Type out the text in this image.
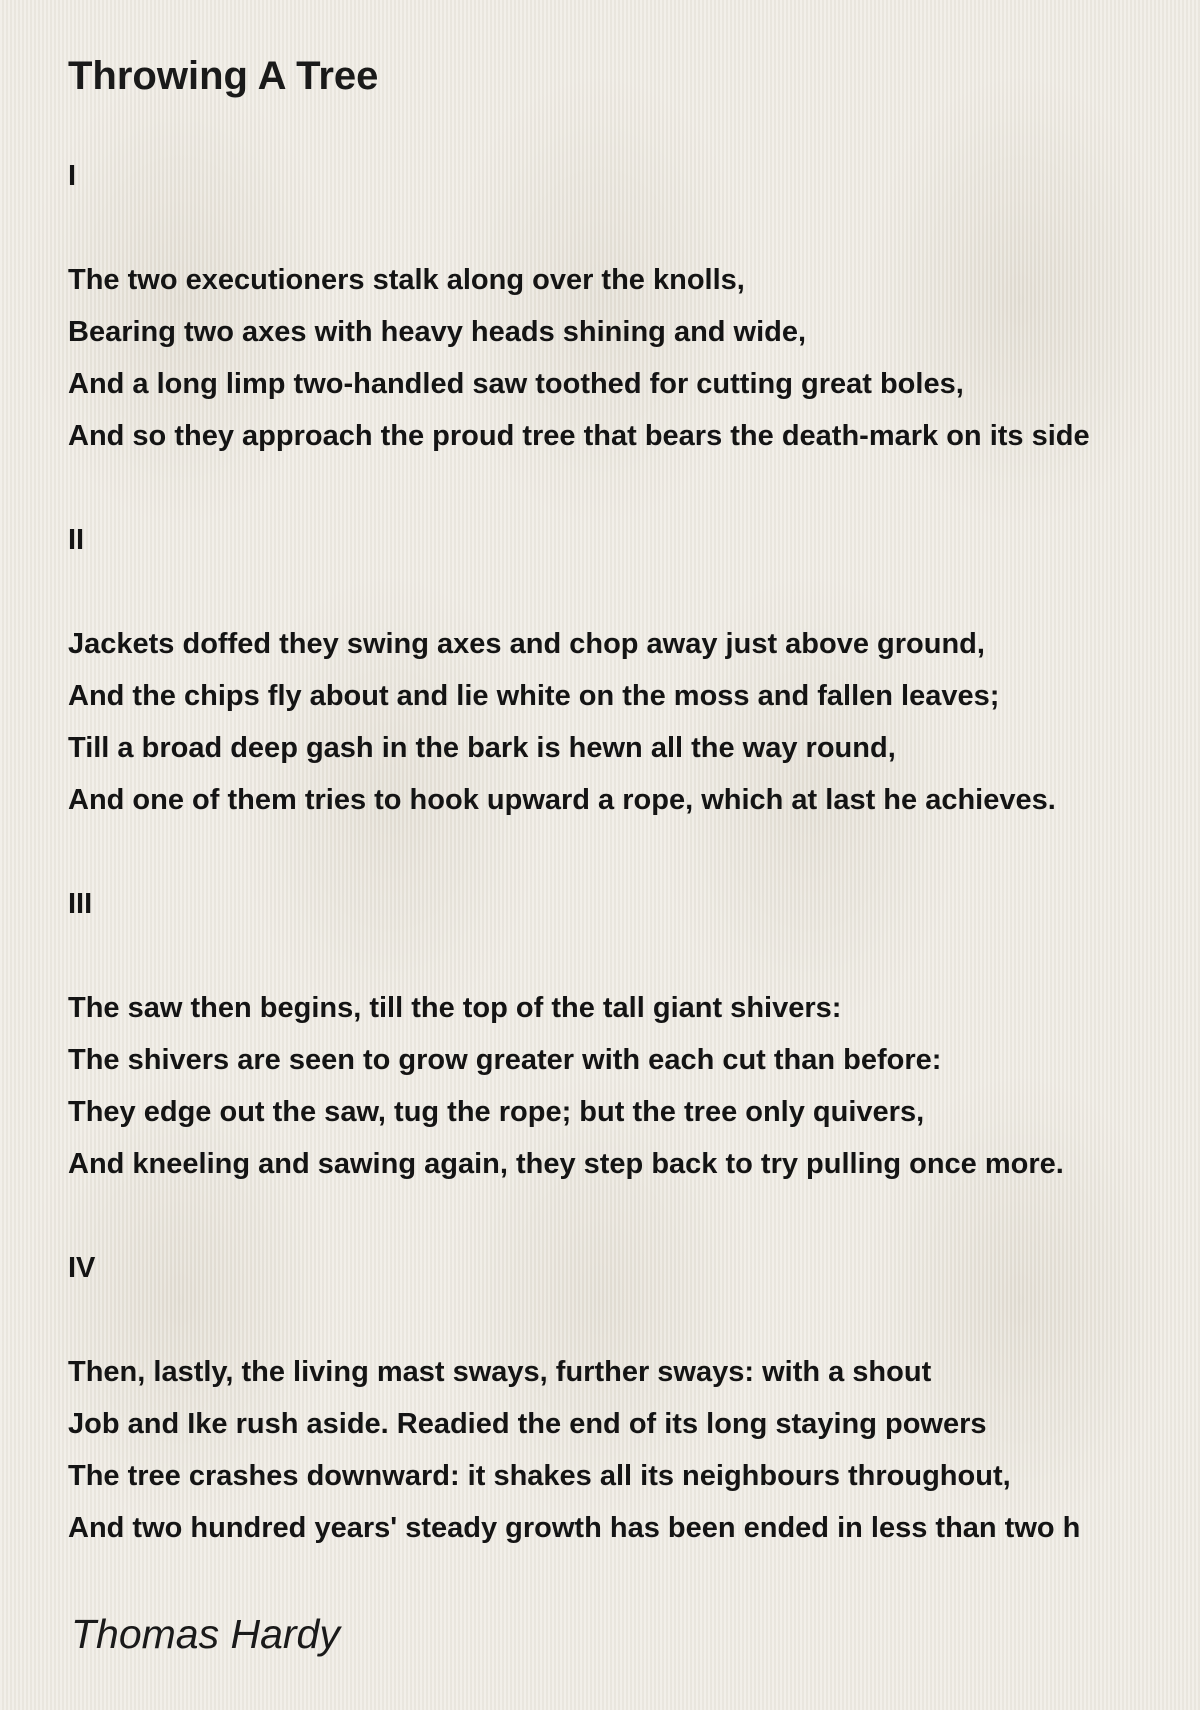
Throwing A Tree
I
The two executioners stalk along over the knolls,
Bearing two axes with heavy heads shining and wide,
And a long limp two-handled saw toothed for cutting great boles,
And so they approach the proud tree that bears the death-mark on its side
II
Jackets doffed they swing axes and chop away just above ground,
And the chips fly about and lie white on the moss and fallen leaves;
Till a broad deep gash in the bark is hewn all the way round,
And one of them tries to hook upward a rope, which at last he achieves.
III
The saw then begins, till the top of the tall giant shivers:
The shivers are seen to grow greater with each cut than before:
They edge out the saw, tug the rope; but the tree only quivers,
And kneeling and sawing again, they step back to try pulling once more.
IV
Then, lastly, the living mast sways, further sways: with a shout
Job and Ike rush aside. Readied the end of its long staying powers
The tree crashes downward: it shakes all its neighbours throughout,
And two hundred years' steady growth has been ended in less than two h

Thomas Hardy
